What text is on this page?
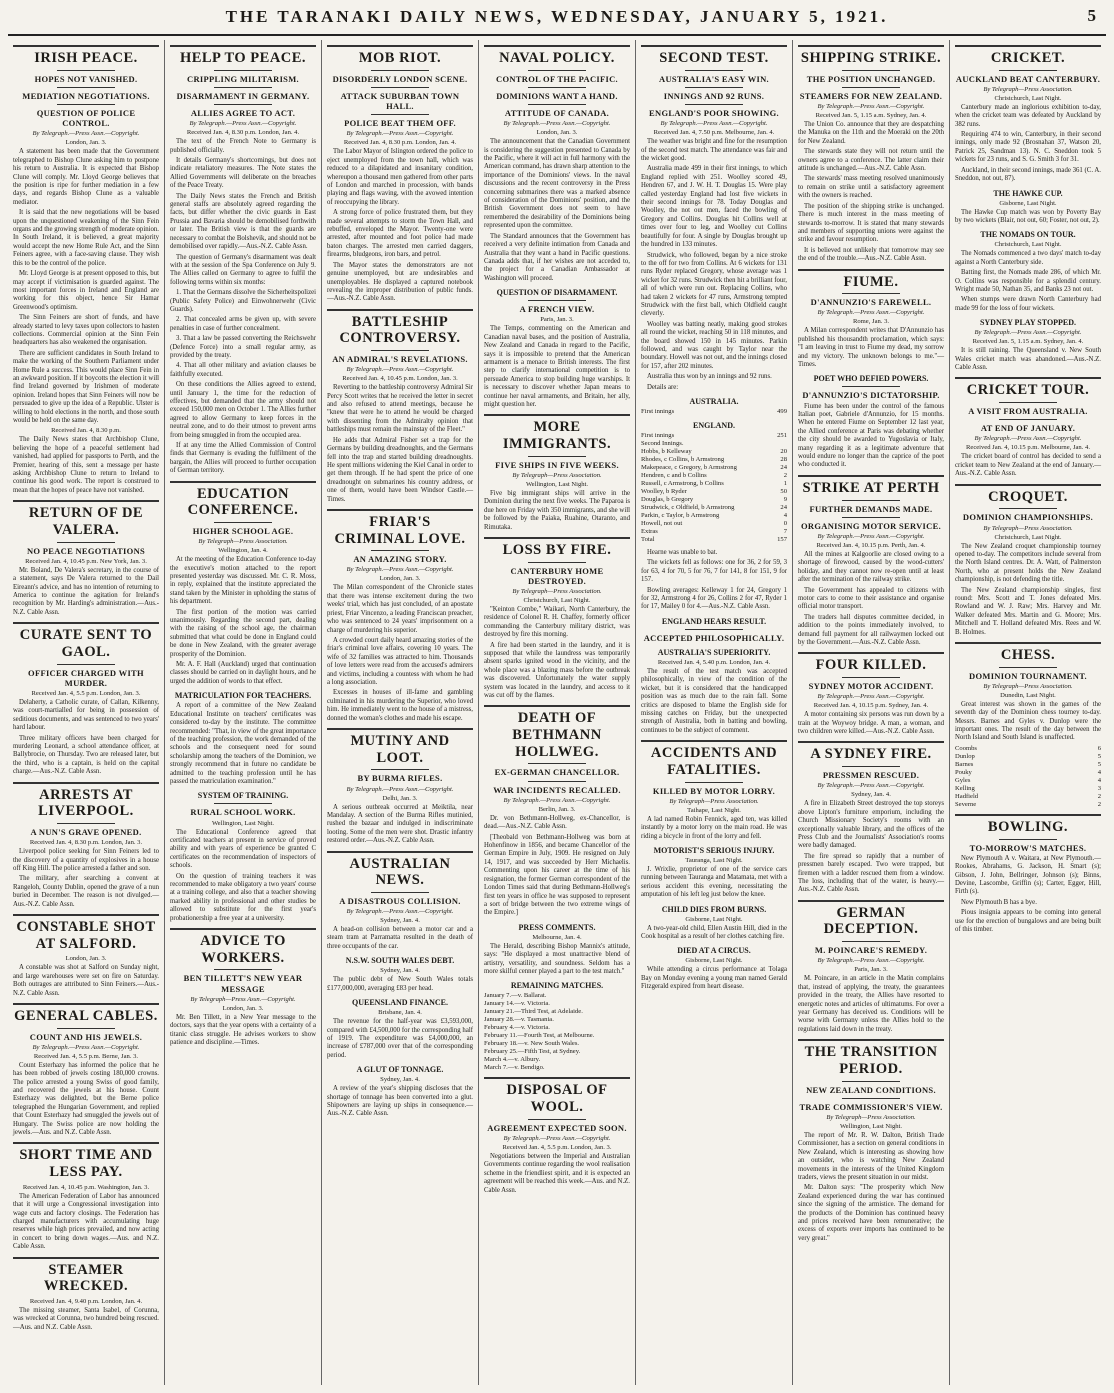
THE TARANAKI DAILY NEWS, WEDNESDAY, JANUARY 5, 1921.	5
IRISH PEACE.
HOPES NOT VANISHED.
MEDIATION NEGOTIATIONS.
QUESTION OF POLICE CONTROL.
By Telegraph.—Press Assn.—Copyright.
London, Jan. 3.

A statement has been made that the Government telegraphed to Bishop Clune asking him to postpone his return to Australia. It is expected that Bishop Clune will comply. Mr. Lloyd George believes that the position is ripe for further mediation in a few days, and regards Bishop Clune as a valuable mediator.

It is said that the new negotiations will be based upon the unquestioned weakening of the Sinn Fein organs and the growing strength of moderate opinion. In South Ireland, it is believed, a great majority would accept the new Home Rule Act, and the Sinn Feiners agree, with a face-saving clause. They wish this to be the control of the police.

Mr. Lloyd George is at present opposed to this, but may accept if victimisation is guarded against. The most important forces in Ireland and England are working for this object, hence Sir Hamar Greenwood's optimism.

The Sinn Feiners are short of funds, and have already started to levy taxes upon collectors to hasten collections. Commercial opinion at the Sinn Fein headquarters has also weakened the organisation.

There are sufficient candidates in South Ireland to make the working of the Southern Parliament under Home Rule a success. This would place Sinn Fein in an awkward position. If it boycotts the election it will find Ireland governed by Irishmen of moderate opinion. Ireland hopes that Sinn Feiners will now be persuaded to give up the idea of a Republic. Ulster is willing to hold elections in the north, and those south would be held on the same day.

Received Jan. 4, 8.30 p.m.

The Daily News states that Archbishop Clune, believing the hope of a peaceful settlement had vanished, had applied for passports to Perth, and the Premier, hearing of this, sent a message per haste asking Archbishop Clune to return to Ireland to continue his good work. The report is construed to mean that the hopes of peace have not vanished.

RETURN OF DE VALERA.
NO PEACE NEGOTIATIONS
Received Jan. 4, 10.45 p.m. New York, Jan. 3.

Mr. Boland, De Valera's secretary, in the course of a statement, says De Valera returned to the Dail Eireann's advice, and has no intention of returning to America to continue the agitation for Ireland's recognition by Mr. Harding's administration.—Aus.-N.Z. Cable Assn.

CURATE SENT TO GAOL.
OFFICER CHARGED WITH MURDER.
Received Jan. 4, 5.5 p.m. London, Jan. 3.

Delaherty, a Catholic curate, of Callan, Kilkenny, was court-martialled for being in possession of seditious documents, and was sentenced to two years' hard labour.

Three military officers have been charged for murdering Leonard, a school attendance officer, at Ballybrocie, on Thursday. Two are released later, but the third, who is a captain, is held on the capital charge.—Aus.-N.Z. Cable Assn.

ARRESTS AT LIVERPOOL.
A NUN'S GRAVE OPENED.
Received Jan. 4, 8.30 p.m. London, Jan. 3.

Liverpool police seeking for Sinn Feiners led to the discovery of a quantity of explosives in a house off King Hill. The police arrested a father and son.

The military, after searching a convent at Rangeloh, County Dublin, opened the grave of a nun buried in December. The reason is not divulged.—Aus.-N.Z. Cable Assn.

CONSTABLE SHOT AT SALFORD.
London, Jan. 3.

A constable was shot at Salford on Sunday night, and large warehouses were set on fire on Saturday. Both outrages are attributed to Sinn Feiners.—Aus.-N.Z. Cable Assn.

GENERAL CABLES.
COUNT AND HIS JEWELS.
By Telegraph.—Press Assn.—Copyright.
Received Jan. 4, 5.5 p.m. Berne, Jan. 3.

Count Esterhazy has informed the police that he has been robbed of jewels costing 180,000 crowns. The police arrested a young Swiss of good family, and recovered the jewels at his house. Count Esterhazy was delighted, but the Berne police telegraphed the Hungarian Government, and replied that Count Esterhazy had smuggled the jewels out of Hungary. The Swiss police are now holding the jewels.—Aus. and N.Z. Cable Assn.

SHORT TIME AND LESS PAY.
Received Jan. 4, 10.45 p.m. Washington, Jan. 3.

The American Federation of Labor has announced that it will urge a Congressional investigation into wage cuts and factory closings. The Federation has charged manufacturers with accumulating huge reserves while high prices prevailed, and now acting in concert to bring down wages.—Aus. and N.Z. Cable Assn.

STEAMER WRECKED.
Received Jan. 4, 9.40 p.m. London, Jan. 4.

The missing steamer, Santa Isabel, of Corunna, was wrecked at Corunna, two hundred being rescued.—Aus. and N.Z. Cable Assn.

HELP TO PEACE.
CRIPPLING MILITARISM.
DISARMAMENT IN GERMANY.
ALLIES AGREE TO ACT.
By Telegraph.—Press Assn.—Copyright.
Received Jan. 4, 8.30 p.m. London, Jan. 4.

The text of the French Note to Germany is published officially.

It details Germany's shortcomings, but does not indicate retaliatory measures. The Note states the Allied Governments will deliberate on the breaches of the Peace Treaty.

The Daily News states the French and British general staffs are absolutely agreed regarding the facts, but differ whether the civic guards in East Prussia and Bavaria should be demobilised forthwith or later. The British view is that the guards are necessary to combat the Bolshevik, and should not be demobilised over rapidly.—Aus.-N.Z. Cable Assn.

The question of Germany's disarmament was dealt with at the session of the Spa Conference on July 9. The Allies called on Germany to agree to fulfil the following terms within six months:

1. That the Germans dissolve the Sicherheitspolizei (Public Safety Police) and Einwohnerwehr (Civic Guards).

2. That concealed arms be given up, with severe penalties in case of further concealment.

3. That a law be passed converting the Reichswehr (Defence Force) into a small regular army, as provided by the treaty.

4. That all other military and aviation clauses be faithfully executed.

On these conditions the Allies agreed to extend, until January 1, the time for the reduction of effectives, but demanded that the army should not exceed 150,000 men on October 1. The Allies further agreed to allow Germany to keep forces in the neutral zone, and to do their utmost to prevent arms from being smuggled in from the occupied area.

If at any time the Allied Commission of Control finds that Germany is evading the fulfilment of the bargain, the Allies will proceed to further occupation of German territory.

EDUCATION CONFERENCE.
HIGHER SCHOOL AGE.
By Telegraph—Press Association.
Wellington, Jan. 4.

At the meeting of the Education Conference to-day the executive's motion attached to the report presented yesterday was discussed. Mr. C. R. Moss, in reply, explained that the institute appreciated the stand taken by the Minister in upholding the status of his department.

The first portion of the motion was carried unanimously. Regarding the second part, dealing with the raising of the school age, the chairman submitted that what could be done in England could be done in New Zealand, with the greater average prosperity of the Dominion.

Mr. A. F. Hall (Auckland) urged that continuation classes should be carried on in daylight hours, and he urged the addition of words to that effect.

MATRICULATION FOR TEACHERS.

A report of a committee of the New Zealand Educational Institute on teachers' certificates was considered to-day by the institute. The committee recommended: "That, in view of the great importance of the teaching profession, the work demanded of the schools and the consequent need for sound scholarship among the teachers of the Dominion, we strongly recommend that in future no candidate be admitted to the teaching profession until he has passed the matriculation examination."

SYSTEM OF TRAINING.
RURAL SCHOOL WORK.
Wellington, Last Night.

The Educational Conference agreed that certificated teachers at present in service of proved ability and with years of experience be granted C certificates on the recommendation of inspectors of schools.

On the question of training teachers it was recommended to make obligatory a two years' course at a training college, and also that a teacher showing marked ability in professional and other studies be allowed to substitute for the first year's probationership a free year at a university.

ADVICE TO WORKERS.
BEN TILLETT'S NEW YEAR MESSAGE
By Telegraph—Press Assn.—Copyright.
London, Jan. 3.

Mr. Ben Tillett, in a New Year message to the doctors, says that the year opens with a certainty of a titanic class struggle. He advises workers to show patience and discipline.—Times.

MOB RIOT.
DISORDERLY LONDON SCENE.
ATTACK SUBURBAN TOWN HALL.
POLICE BEAT THEM OFF.
By Telegraph.—Press Assn.—Copyright.
Received Jan. 4, 8.30 p.m. London, Jan. 4.

The Labor Mayor of Islington ordered the police to eject unemployed from the town hall, which was reduced to a dilapidated and insanitary condition, whereupon a thousand men gathered from other parts of London and marched in procession, with bands playing and flags waving, with the avowed intention of reoccupying the library.

A strong force of police frustrated them, but they made several attempts to storm the Town Hall, and rebuffed, enveloped the Mayor. Twenty-one were arrested, after mounted and foot police had made baton charges. The arrested men carried daggers, firearms, bludgeons, iron bars, and petrol.

The Mayor states the demonstrators are not genuine unemployed, but are undesirables and unemployables. He displayed a captured notebook revealing the improper distribution of public funds.—Aus.-N.Z. Cable Assn.

BATTLESHIP CONTROVERSY.
AN ADMIRAL'S REVELATIONS.
By Telegraph.—Press Assn.—Copyright.
Received Jan. 4, 10.45 p.m. London, Jan. 3.

Reverting to the battleship controversy Admiral Sir Percy Scott writes that he received the letter in secret and also refused to attend meetings, because he "knew that were he to attend he would be charged with dissenting from the Admiralty opinion that battleships must remain the mainstay of the Fleet."

He adds that Admiral Fisher set a trap for the Germans by building dreadnoughts, and the Germans fell into the trap and started building dreadnoughts. He spent millions widening the Kiel Canal in order to get them through. If he had spent the price of one dreadnought on submarines his country address, or one of them, would have been Windsor Castle.—Times.

FRIAR'S CRIMINAL LOVE.
AN AMAZING STORY.
By Telegraph.—Press Assn.—Copyright.
London, Jan. 3.

The Milan correspondent of the Chronicle states that there was intense excitement during the two weeks' trial, which has just concluded, of an apostate priest, Friar Vincenzo, a leading Franciscan preacher, who was sentenced to 24 years' imprisonment on a charge of murdering his superior.

A crowded court daily heard amazing stories of the friar's criminal love affairs, covering 10 years. The wife of 32 families was attracted to him. Thousands of love letters were read from the accused's admirers and victims, including a countess with whom he had a long association.

Excesses in houses of ill-fame and gambling culminated in his murdering the Superior, who loved him. He immediately went to the house of a mistress, donned the woman's clothes and made his escape.

MUTINY AND LOOT.
BY BURMA RIFLES.
By Telegraph.—Press Assn.—Copyright.
Delhi, Jan. 3.

A serious outbreak occurred at Meiktila, near Mandalay. A section of the Burma Rifles mutinied, rushed the bazaar and indulged in indiscriminate looting. Some of the men were shot. Drastic infantry restored order.—Aus.-N.Z. Cable Assn.

AUSTRALIAN NEWS.
A DISASTROUS COLLISION.
By Telegraph.—Press Assn.—Copyright.
Sydney, Jan. 4.

A head-on collision between a motor car and a steam tram at Parramatta resulted in the death of three occupants of the car.

N.S.W. SOUTH WALES DEBT.
Sydney, Jan. 4.

The public debt of New South Wales totals £177,000,000, averaging £83 per head.

QUEENSLAND FINANCE.
Brisbane, Jan. 4.

The revenue for the half-year was £3,593,000, compared with £4,500,000 for the corresponding half of 1919. The expenditure was £4,000,000, an increase of £787,000 over that of the corresponding period.

A GLUT OF TONNAGE.
Sydney, Jan. 4.

A review of the year's shipping discloses that the shortage of tonnage has been converted into a glut. Shipowners are laying up ships in consequence.—Aus.-N.Z. Cable Assn.

NAVAL POLICY.
CONTROL OF THE PACIFIC.
DOMINIONS WANT A HAND.
ATTITUDE OF CANADA.
By Telegraph.—Press Assn.—Copyright.
London, Jan. 3.

The announcement that the Canadian Government is considering the suggestion presented to Canada by the Pacific, where it will act in full harmony with the American command, has drawn sharp attention to the importance of the Dominions' views. In the naval discussions and the recent controversy in the Press concerning submarines there was a marked absence of consideration of the Dominions' position, and the British Government does not seem to have remembered the desirability of the Dominions being represented upon the committee.

The Standard announces that the Government has received a very definite intimation from Canada and Australia that they want a hand in Pacific questions. Canada adds that, if her wishes are not acceded to, the project for a Canadian Ambassador at Washington will proceed.

QUESTION OF DISARMAMENT.
A FRENCH VIEW.
Paris, Jan. 3.

The Temps, commenting on the American and Canadian naval bases, and the position of Australia, New Zealand and Canada in regard to the Pacific, says it is impossible to pretend that the American armament is a menace to British interests. The first step to clarify international competition is to persuade America to stop building huge warships. It is necessary to discover whether Japan means to continue her naval armaments, and Britain, her ally, might question her.

MORE IMMIGRANTS.
FIVE SHIPS IN FIVE WEEKS.
By Telegraph—Press Association.
Wellington, Last Night.

Five big immigrant ships will arrive in the Dominion during the next five weeks. The Paparoa is due here on Friday with 350 immigrants, and she will be followed by the Paiaka, Ruahine, Otaranto, and Rimutaka.

LOSS BY FIRE.
CANTERBURY HOME DESTROYED.
By Telegraph—Press Association.
Christchurch, Last Night.

"Keinton Combe," Waikari, North Canterbury, the residence of Colonel R. H. Chaffey, formerly officer commanding the Canterbury military district, was destroyed by fire this morning.

A fire had been started in the laundry, and it is supposed that while the laundress was temporarily absent sparks ignited wood in the vicinity, and the whole place was a blazing mass before the outbreak was discovered. Unfortunately the water supply system was located in the laundry, and access to it was cut off by the flames.

DEATH OF BETHMANN HOLLWEG.
EX-GERMAN CHANCELLOR.
WAR INCIDENTS RECALLED.
By Telegraph.—Press Assn.—Copyright.
Berlin, Jan. 3.

Dr. von Bethmann-Hollweg, ex-Chancellor, is dead.—Aus.-N.Z. Cable Assn.

[Theobald von Bethmann-Hollweg was born at Hohenfinow in 1856, and became Chancellor of the German Empire in July, 1909. He resigned on July 14, 1917, and was succeeded by Herr Michaelis. Commenting upon his career at the time of his resignation, the former German correspondent of the London Times said that during Bethmann-Hollweg's first ten years in office he was supposed to represent a sort of bridge between the two extreme wings of the Empire.]

PRESS COMMENTS.
Melbourne, Jan. 4.

The Herald, describing Bishop Mannix's attitude, says: "He displayed a most unattractive blend of artistry, versatility, and soundness. Seldom has a more skilful cenner played a part to the test match."

REMAINING MATCHES.
January 7.—v. Ballarat.	
January 14.—v. Victoria.	
January 21.—Third Test, at Adelaide.	
January 28.—v. Tasmania.	
February 4.—v. Victoria.	
February 11.—Fourth Test, at Melbourne.	
February 18.—v. New South Wales.	
February 25.—Fifth Test, at Sydney.	
March 4.—v. Albury.	
March 7.—v. Bendigo.	
DISPOSAL OF WOOL.
AGREEMENT EXPECTED SOON.
By Telegraph.—Press Assn.—Copyright.
Received Jan. 4, 5.5 p.m. London, Jan. 3.

Negotiations between the Imperial and Australian Governments continue regarding the wool realisation scheme in the friendliest spirit, and it is expected an agreement will be reached this week.—Aus. and N.Z. Cable Assn.

SECOND TEST.
AUSTRALIA'S EASY WIN.
INNINGS AND 92 RUNS.
ENGLAND'S POOR SHOWING.
By Telegraph.—Press Assn.—Copyright.
Received Jan. 4, 7.50 p.m. Melbourne, Jan. 4.

The weather was bright and fine for the resumption of the second test match. The attendance was fair and the wicket good.

Australia made 499 in their first innings, to which England replied with 251. Woolley scored 49, Hendren 67, and J. W. H. T. Douglas 15. Were play called yesterday England had lost five wickets in their second innings for 78. Today Douglas and Woolley, the not out men, faced the bowling of Gregory and Collins. Douglas hit Collins well at times over four to leg, and Woolley cut Collins beautifully for four. A single by Douglas brought up the hundred in 133 minutes.

Strudwick, who followed, began by a nice stroke to the off for two from Collins. At 6 wickets for 131 runs Ryder replaced Gregory, whose average was 1 wicket for 32 runs. Strudwick then hit a brilliant four, all of which were run out. Replacing Collins, who had taken 2 wickets for 47 runs, Armstrong tempted Strudwick with the first ball, which Oldfield caught cleverly.

Woolley was batting neatly, making good strokes all round the wicket, reaching 50 in 118 minutes, and the board showed 150 in 145 minutes. Parkin followed, and was caught by Taylor near the boundary. Howell was not out, and the innings closed for 157, after 202 minutes.

Australia thus won by an innings and 92 runs.

Details are:

AUSTRALIA.
First innings	499
ENGLAND.
First innings	251
Second Innings.	
Hobbs, b Kelleway	20
Rhodes, c Collins, b Armstrong	28
Makepeace, c Gregory, b Armstrong	24
Hendren, c and b Collins	2
Russell, c Armstrong, b Collins	1
Woolley, b Ryder	50
Douglas, b Gregory	9
Strudwick, c Oldfield, b Armstrong	24
Parkin, c Taylor, b Armstrong	4
Howell, not out	0
Extras	7
Total	157

Hearne was unable to bat.

The wickets fell as follows: one for 36, 2 for 59, 3 for 63, 4 for 70, 5 for 76, 7 for 141, 8 for 151, 9 for 157.

Bowling averages: Kelleway 1 for 24, Gregory 1 for 32, Armstrong 4 for 26, Collins 2 for 47, Ryder 1 for 17, Mailey 0 for 4.—Aus.-N.Z. Cable Assn.

ENGLAND HEARS RESULT.
ACCEPTED PHILOSOPHICALLY.
AUSTRALIA'S SUPERIORITY.
Received Jan. 4, 5.40 p.m. London, Jan. 4.

The result of the test match was accepted philosophically, in view of the condition of the wicket, but it is considered that the handicapped position was as much due to the rain fall. Some critics are disposed to blame the English side for missing catches on Friday, but the unexpected strength of Australia, both in batting and bowling, continues to be the subject of comment.

ACCIDENTS AND FATALITIES.
KILLED BY MOTOR LORRY.
By Telegraph—Press Association.
Taihape, Last Night.

A lad named Robin Fennick, aged ten, was killed instantly by a motor lorry on the main road. He was riding a bicycle in front of the lorry and fell.

MOTORIST'S SERIOUS INJURY.
Tauranga, Last Night.

J. Wrixlie, proprietor of one of the service cars running between Tauranga and Matamata, met with a serious accident this evening, necessitating the amputation of his left leg just below the knee.

CHILD DIES FROM BURNS.
Gisborne, Last Night.

A two-year-old child, Ellen Austin Hill, died in the Cook hospital as a result of her clothes catching fire.

DIED AT A CIRCUS.
Gisborne, Last Night.

While attending a circus performance at Tolaga Bay on Monday evening a young man named Gerald Fitzgerald expired from heart disease.

SHIPPING STRIKE.
THE POSITION UNCHANGED.
STEAMERS FOR NEW ZEALAND.
By Telegraph.—Press Assn.—Copyright.
Received Jan. 5, 1.15 a.m. Sydney, Jan. 4.

The Union Co. announce that they are despatching the Manuka on the 11th and the Moeraki on the 20th for New Zealand.

The stewards state they will not return until the owners agree to a conference. The latter claim their attitude is unchanged.—Aus.-N.Z. Cable Assn.

The stewards' mass meeting resolved unanimously to remain on strike until a satisfactory agreement with the owners is reached.

The position of the shipping strike is unchanged. There is much interest in the mass meeting of stewards to-morrow. It is stated that many stewards and members of supporting unions were against the strike and favour resumption.

It is believed not unlikely that tomorrow may see the end of the trouble.—Aus.-N.Z. Cable Assn.

FIUME.
D'ANNUNZIO'S FAREWELL.
By Telegraph.—Press Assn.—Copyright.
Rome, Jan. 3.

A Milan correspondent writes that D'Annunzio has published his thousandth proclamation, which says: "I am leaving in trust to Fiume my dead, my sorrow and my victory. The unknown belongs to me."—Times.

POET WHO DEFIED POWERS.
D'ANNUNZIO'S DICTATORSHIP.

Fiume has been under the control of the famous Italian poet, Gabriele d'Annunzio, for 15 months. When he entered Fiume on September 12 last year, the Allied conference at Paris was debating whether the city should be awarded to Yugoslavia or Italy, many regarding it as a legitimate adventure that would endure no longer than the caprice of the poet who conducted it.

STRIKE AT PERTH
FURTHER DEMANDS MADE.
ORGANISING MOTOR SERVICE.
By Telegraph.—Press Assn.—Copyright.
Received Jan. 4, 10.15 p.m. Perth, Jan. 4.

All the mines at Kalgoorlie are closed owing to a shortage of firewood, caused by the wood-cutters' holiday, and they cannot now re-open until at least after the termination of the railway strike.

The Government has appealed to citizens with motor cars to come to their assistance and organise official motor transport.

The traders hall disputes committee decided, in addition to the points immediately involved, to demand full payment for all railwaymen locked out by the Government.—Aus.-N.Z. Cable Assn.

FOUR KILLED.
SYDNEY MOTOR ACCIDENT.
By Telegraph.—Press Assn.—Copyright.
Received Jan. 4, 10.15 p.m. Sydney, Jan. 4.

A motor containing six persons was run down by a train at the Woywoy bridge. A man, a woman, and two children were killed.—Aus.-N.Z. Cable Assn.

A SYDNEY FIRE.
PRESSMEN RESCUED.
By Telegraph.—Press Assn.—Copyright.
Sydney, Jan. 4.

A fire in Elizabeth Street destroyed the top storeys above Lipton's furniture emporium, including the Church Missionary Society's rooms with an exceptionally valuable library, and the offices of the Press Club and the Journalists' Association's rooms were badly damaged.

The fire spread so rapidly that a number of pressmen barely escaped. Two were trapped, but firemen with a ladder rescued them from a window. The loss, including that of the water, is heavy.—Aus.-N.Z. Cable Assn.

GERMAN DECEPTION.
M. POINCARE'S REMEDY.
By Telegraph.—Press Assn.—Copyright.
Paris, Jan. 3.

M. Poincare, in an article in the Matin complains that, instead of applying, the treaty, the guarantees provided in the treaty, the Allies have resorted to energetic notes and articles of ultimatums. For over a year Germany has deceived us. Conditions will be worse with Germany unless the Allies hold to the regulations laid down in the treaty.

THE TRANSITION PERIOD.
NEW ZEALAND CONDITIONS.
TRADE COMMISSIONER'S VIEW.
By Telegraph—Press Association.
Wellington, Last Night.

The report of Mr. R. W. Dalton, British Trade Commissioner, has a section on general conditions in New Zealand, which is interesting as showing how an outsider, who is watching New Zealand movements in the interests of the United Kingdom traders, views the present situation in our midst.

Mr. Dalton says: "The prosperity which New Zealand experienced during the war has continued since the signing of the armistice. The demand for the products of the Dominion has continued heavy and prices received have been remunerative; the excess of exports over imports has continued to be very great."

CRICKET.
AUCKLAND BEAT CANTERBURY.
By Telegraph—Press Association.
Christchurch, Last Night.

Canterbury made an inglorious exhibition to-day, when the cricket team was defeated by Auckland by 382 runs.

Requiring 474 to win, Canterbury, in their second innings, only made 92 (Brosnahan 37, Watson 20, Patrick 25, Sandman 13). N. C. Sneddon took 5 wickets for 23 runs, and S. G. Smith 3 for 31.

Auckland, in their second innings, made 361 (C. A. Sneddon, not out, 87).

THE HAWKE CUP.
Gisborne, Last Night.

The Hawke Cup match was won by Poverty Bay by two wickets (Blair, not out, 60; Foster, not out, 2).

THE NOMADS ON TOUR.
Christchurch, Last Night.

The Nomads commenced a two days' match to-day against a North Canterbury side.

Batting first, the Nomads made 286, of which Mr. O. Collins was responsible for a splendid century. Wright made 50, Nathan 35, and Banks 23 not out.

When stumps were drawn North Canterbury had made 99 for the loss of four wickets.

SYDNEY PLAY STOPPED.
By Telegraph.—Press Assn.—Copyright.
Received Jan. 5, 1.15 a.m. Sydney, Jan. 4.

It is still raining. The Queensland v. New South Wales cricket match was abandoned.—Aus.-N.Z. Cable Assn.

CRICKET TOUR.
A VISIT FROM AUSTRALIA.
AT END OF JANUARY.
By Telegraph.—Press Assn.—Copyright.
Received Jan. 4, 10.15 p.m. Melbourne, Jan. 4.

The cricket board of control has decided to send a cricket team to New Zealand at the end of January.—Aus.-N.Z. Cable Assn.

CROQUET.
DOMINION CHAMPIONSHIPS.
By Telegraph—Press Association.
Christchurch, Last Night.

The New Zealand croquet championship tourney opened to-day. The competitors include several from the North Island centres. Dr. A. Watt, of Palmerston North, who at present holds the New Zealand championship, is not defending the title.

The New Zealand championship singles, first round: Mrs. Scott and T. Jones defeated Mrs. Rowland and W. J. Raw; Mrs. Harvey and Mr. Walker defeated Mrs. Martin and G. Moore; Mrs. Mitchell and T. Holland defeated Mrs. Rees and W. B. Holmes.

CHESS.
DOMINION TOURNAMENT.
By Telegraph—Press Association.
Dunedin, Last Night.

Great interest was shown in the games of the seventh day of the Dominion chess tourney to-day. Messrs. Barnes and Gyles v. Dunlop were the important ones. The result of the day between the North Island and South Island is unaffected.

Coombs	6
Dunlop	5
Barnes	5
Pouky	4
Gyles	4
Kelling	3
Hadfield	2
Severne	2
BOWLING.
TO-MORROW'S MATCHES.

New Plymouth A v. Waitara, at New Plymouth.—Rookes, Abrahams, G. Jackson, H. Smart (s); Gibson, J. John, Bellringer, Johnson (s); Binns, Devine, Lascombe, Griffin (s); Carter, Egger, Hill, Firth (s).

New Plymouth B has a bye.

Pious insignia appears to be coming into general use for the erection of bungalows and are being built of this timber.
